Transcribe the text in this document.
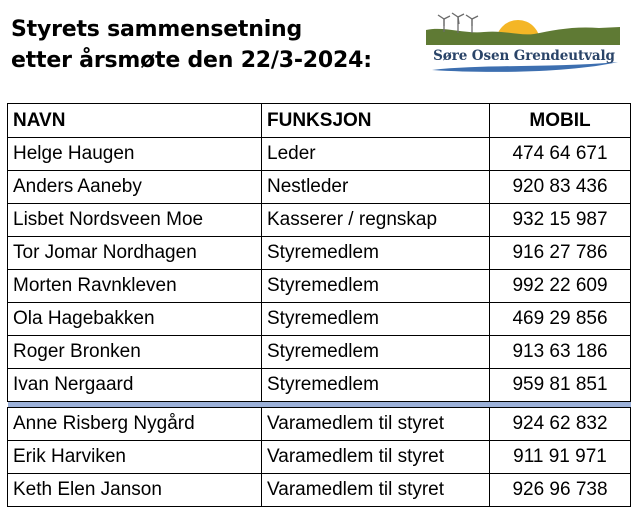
Styrets sammensetning
etter årsmøte den 22/3-2024:	Søre Osen Grendeutvalg
NAVN	FUNKSJON	MOBIL
Helge Haugen	Leder	474 64 671
Anders Aaneby	Nestleder	920 83 436
Lisbet Nordsveen Moe	Kasserer / regnskap	932 15 987
Tor Jomar Nordhagen	Styremedlem	916 27 786
Morten Ravnkleven	Styremedlem	992 22 609
Ola Hagebakken	Styremedlem	469 29 856
Roger Bronken	Styremedlem	913 63 186
Ivan Nergaard	Styremedlem	959 81 851

Anne Risberg Nygård	Varamedlem til styret	924 62 832
Erik Harviken	Varamedlem til styret	911 91 971
Keth Elen Janson	Varamedlem til styret	926 96 738
